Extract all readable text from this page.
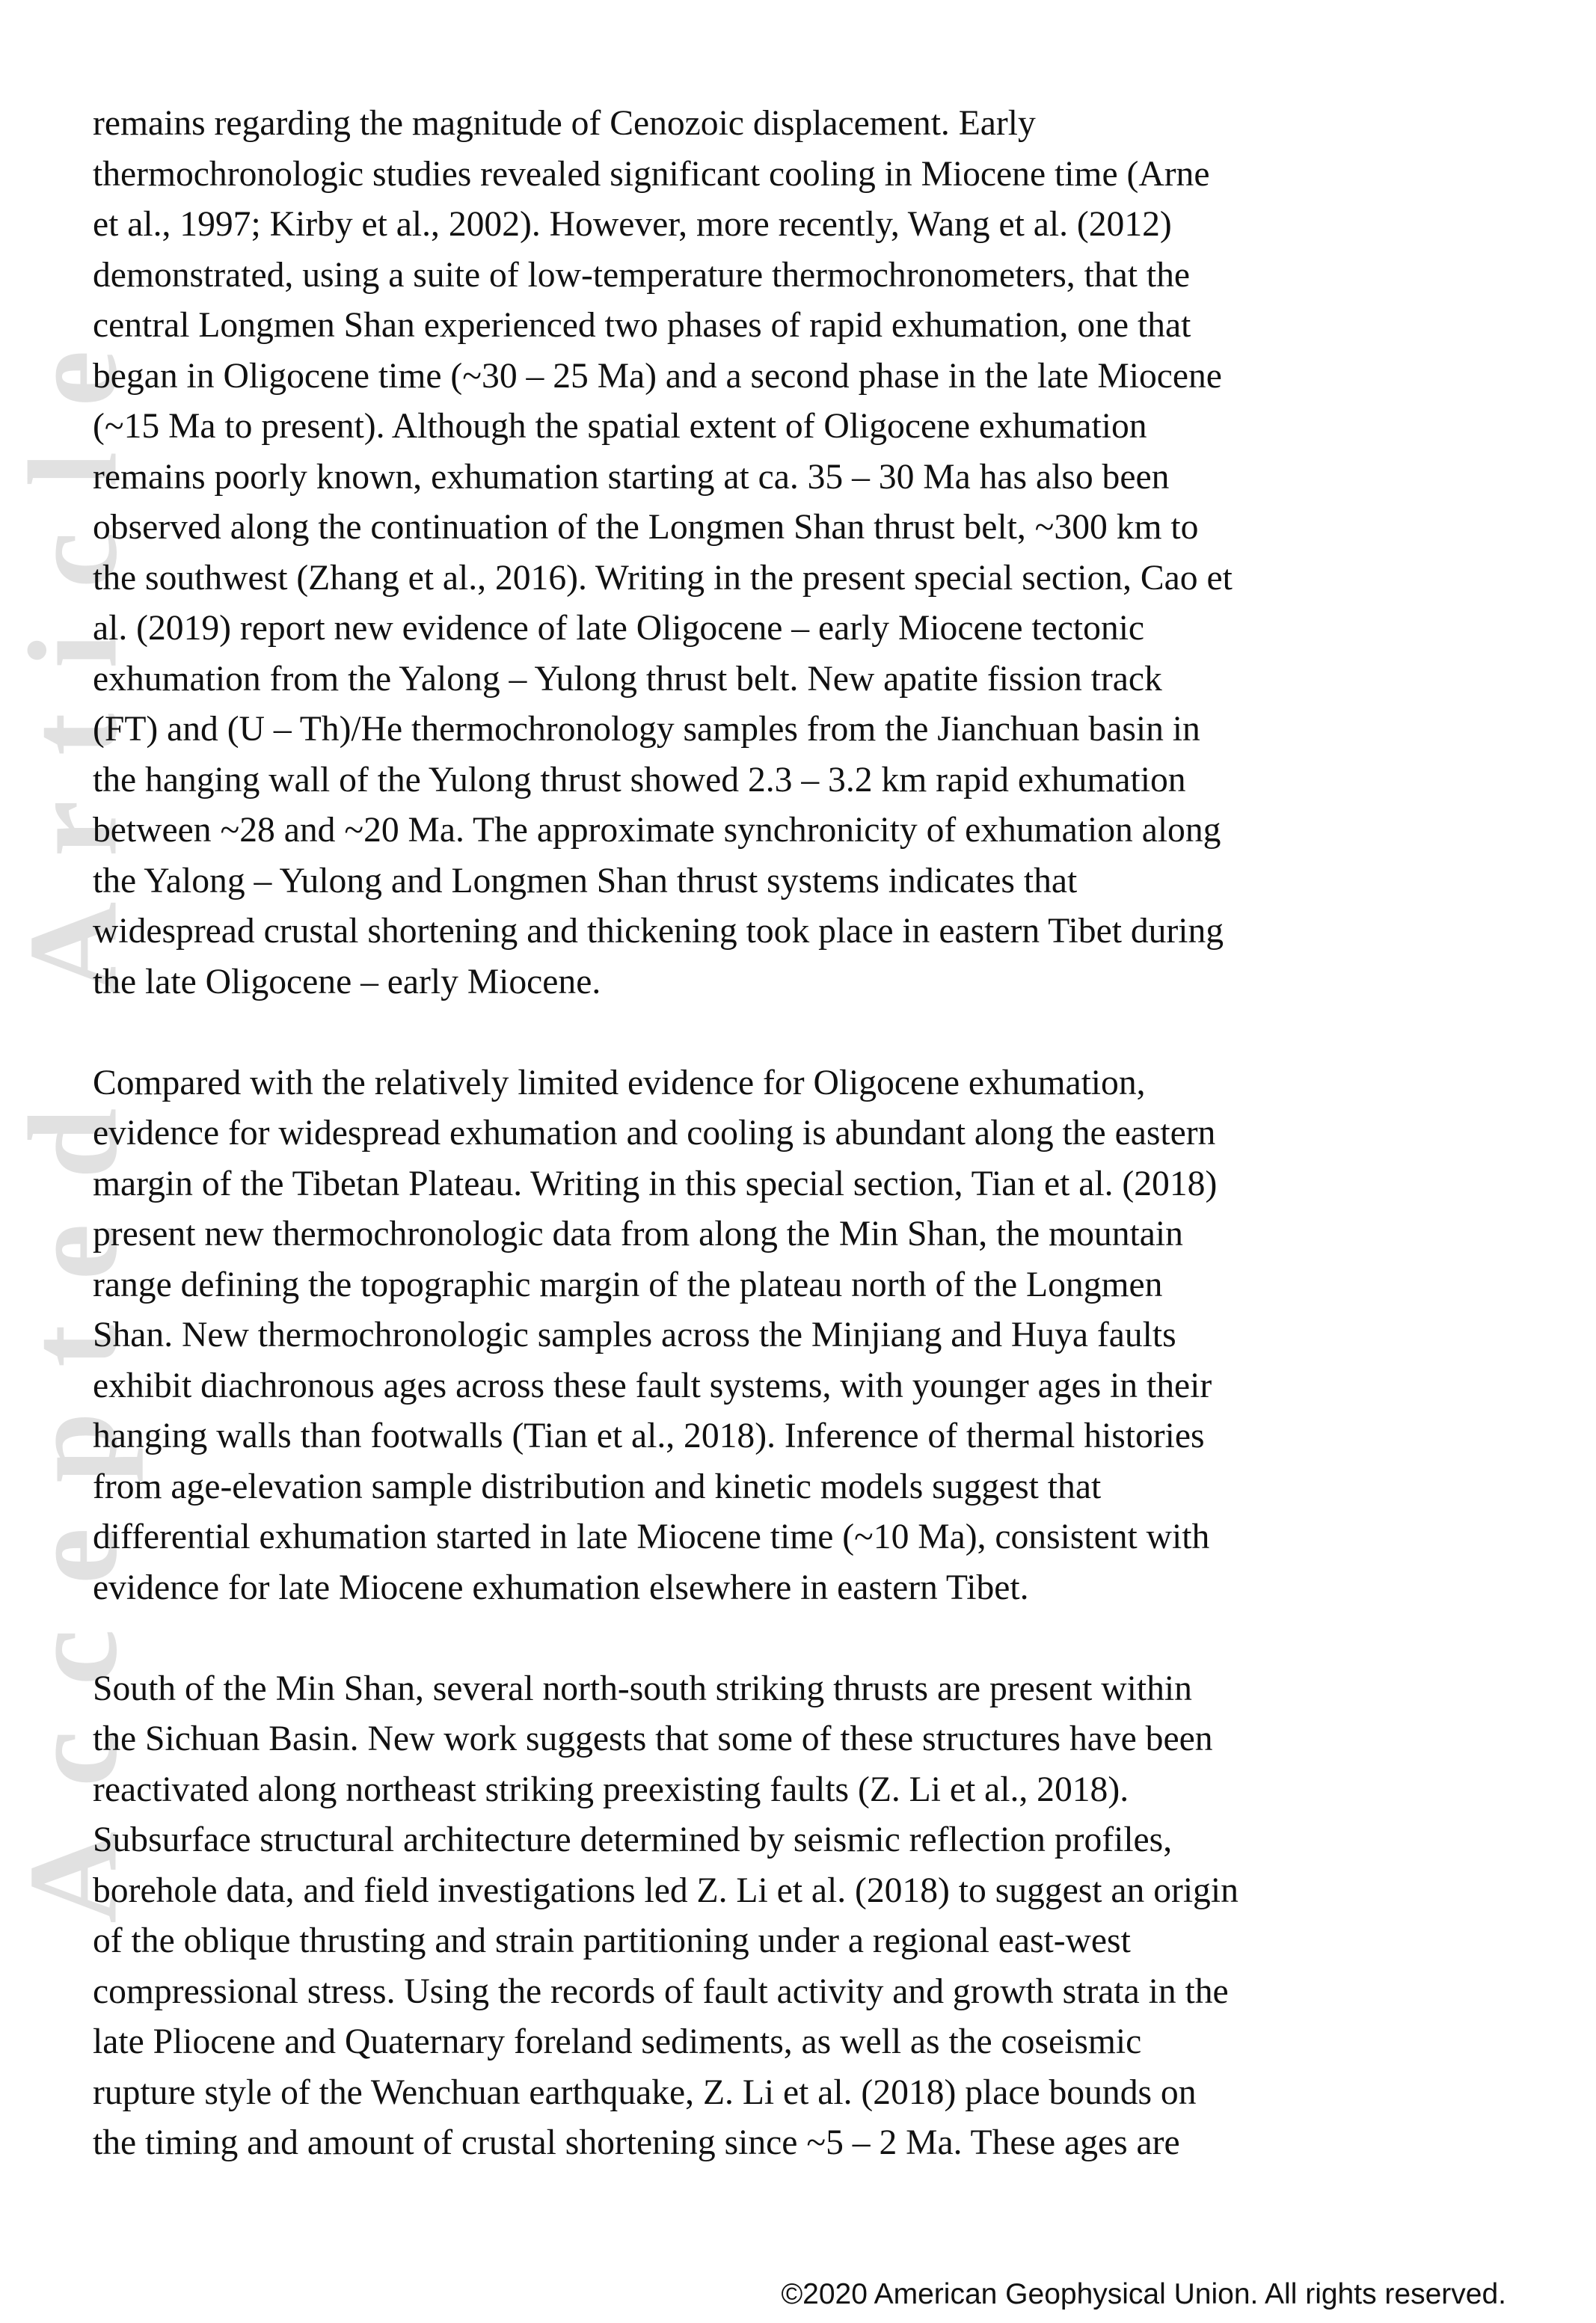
Accepted Article
remains regarding the magnitude of Cenozoic displacement. Early
thermochronologic studies revealed significant cooling in Miocene time (Arne
et al., 1997; Kirby et al., 2002). However, more recently, Wang et al. (2012)
demonstrated, using a suite of low-temperature thermochronometers, that the
central Longmen Shan experienced two phases of rapid exhumation, one that
began in Oligocene time (~30 – 25 Ma) and a second phase in the late Miocene
(~15 Ma to present). Although the spatial extent of Oligocene exhumation
remains poorly known, exhumation starting at ca. 35 – 30 Ma has also been
observed along the continuation of the Longmen Shan thrust belt, ~300 km to
the southwest (Zhang et al., 2016). Writing in the present special section, Cao et
al. (2019) report new evidence of late Oligocene – early Miocene tectonic
exhumation from the Yalong – Yulong thrust belt. New apatite fission track
(FT) and (U – Th)/He thermochronology samples from the Jianchuan basin in
the hanging wall of the Yulong thrust showed 2.3 – 3.2 km rapid exhumation
between ~28 and ~20 Ma. The approximate synchronicity of exhumation along
the Yalong – Yulong and Longmen Shan thrust systems indicates that
widespread crustal shortening and thickening took place in eastern Tibet during
the late Oligocene – early Miocene.
Compared with the relatively limited evidence for Oligocene exhumation,
evidence for widespread exhumation and cooling is abundant along the eastern
margin of the Tibetan Plateau. Writing in this special section, Tian et al. (2018)
present new thermochronologic data from along the Min Shan, the mountain
range defining the topographic margin of the plateau north of the Longmen
Shan. New thermochronologic samples across the Minjiang and Huya faults
exhibit diachronous ages across these fault systems, with younger ages in their
hanging walls than footwalls (Tian et al., 2018). Inference of thermal histories
from age-elevation sample distribution and kinetic models suggest that
differential exhumation started in late Miocene time (~10 Ma), consistent with
evidence for late Miocene exhumation elsewhere in eastern Tibet.
South of the Min Shan, several north-south striking thrusts are present within
the Sichuan Basin. New work suggests that some of these structures have been
reactivated along northeast striking preexisting faults (Z. Li et al., 2018).
Subsurface structural architecture determined by seismic reflection profiles,
borehole data, and field investigations led Z. Li et al. (2018) to suggest an origin
of the oblique thrusting and strain partitioning under a regional east-west
compressional stress. Using the records of fault activity and growth strata in the
late Pliocene and Quaternary foreland sediments, as well as the coseismic
rupture style of the Wenchuan earthquake, Z. Li et al. (2018) place bounds on
the timing and amount of crustal shortening since ~5 – 2 Ma. These ages are
©2020 American Geophysical Union. All rights reserved.
